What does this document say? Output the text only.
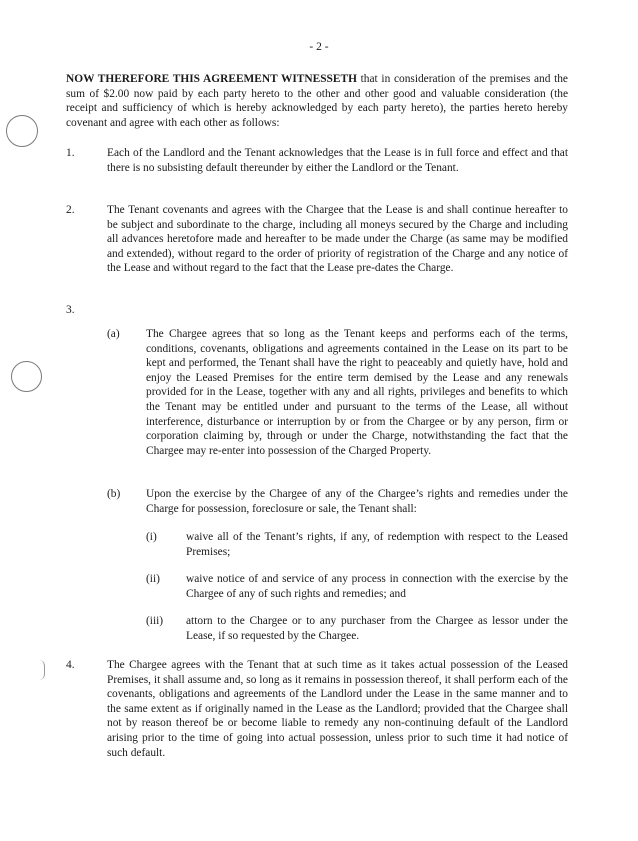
- 2 -
NOW THEREFORE THIS AGREEMENT WITNESSETH that in consideration of the premises and the sum of $2.00 now paid by each party hereto to the other and other good and valuable consideration (the receipt and sufficiency of which is hereby acknowledged by each party hereto), the parties hereto hereby covenant and agree with each other as follows:
1.	Each of the Landlord and the Tenant acknowledges that the Lease is in full force and effect and that there is no subsisting default thereunder by either the Landlord or the Tenant.
2.	The Tenant covenants and agrees with the Chargee that the Lease is and shall continue hereafter to be subject and subordinate to the charge, including all moneys secured by the Charge and including all advances heretofore made and hereafter to be made under the Charge (as same may be modified and extended), without regard to the order of priority of registration of the Charge and any notice of the Lease and without regard to the fact that the Lease pre-dates the Charge.
3.
(a) The Chargee agrees that so long as the Tenant keeps and performs each of the terms, conditions, covenants, obligations and agreements contained in the Lease on its part to be kept and performed, the Tenant shall have the right to peaceably and quietly have, hold and enjoy the Leased Premises for the entire term demised by the Lease and any renewals provided for in the Lease, together with any and all rights, privileges and benefits to which the Tenant may be entitled under and pursuant to the terms of the Lease, all without interference, disturbance or interruption by or from the Chargee or by any person, firm or corporation claiming by, through or under the Charge, notwithstanding the fact that the Chargee may re-enter into possession of the Charged Property.
(b) Upon the exercise by the Chargee of any of the Chargee’s rights and remedies under the Charge for possession, foreclosure or sale, the Tenant shall:
(i)	waive all of the Tenant’s rights, if any, of redemption with respect to the Leased Premises;
(ii) waive notice of and service of any process in connection with the exercise by the Chargee of any of such rights and remedies; and
(iii) attorn to the Chargee or to any purchaser from the Chargee as lessor under the Lease, if so requested by the Chargee.
4.	The Chargee agrees with the Tenant that at such time as it takes actual possession of the Leased Premises, it shall assume and, so long as it remains in possession thereof, it shall perform each of the covenants, obligations and agreements of the Landlord under the Lease in the same manner and to the same extent as if originally named in the Lease as the Landlord; provided that the Chargee shall not by reason thereof be or become liable to remedy any non-continuing default of the Landlord arising prior to the time of going into actual possession, unless prior to such time it had notice of such default.
